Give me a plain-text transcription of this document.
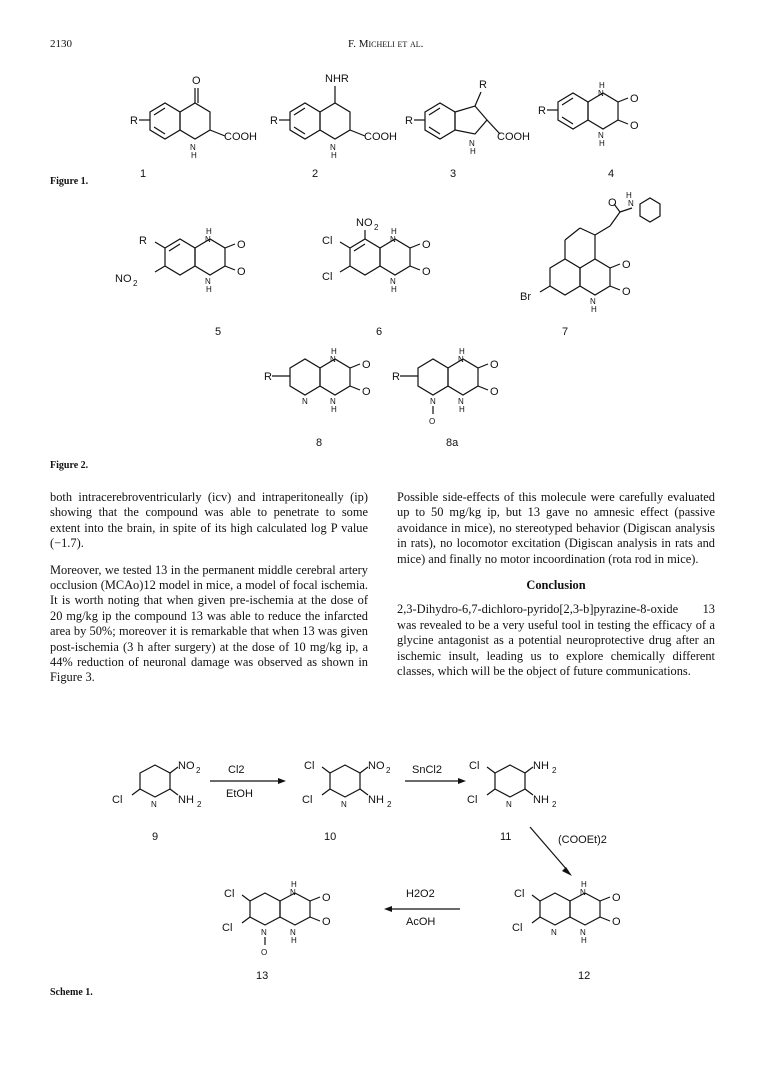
2130	F. Micheli et al.
O
R
N
H
COOH
NHR
R
N
H
COOH
R
R
N
H
COOH
O
O
H
N
N
H
R
1	2	3	4
Figure 1.
O
O
H
N
N
H
R
NO 2
5
O
O
NO 2 H
N
N
H
Cl
Cl
6
O
H
N
O
O
N
H
Br
7
O
O
H
N
N
H
N
R
8
O
O
H
N
N
H
N
O
R
8a
Figure 2.

both intracerebroventricularly (icv) and intraperitoneally (ip) showing that the compound was able to penetrate to some extent into the brain, in spite of its high calculated log P value (−1.7).

Moreover, we tested 13 in the permanent middle cerebral artery occlusion (MCAo)12 model in mice, a model of focal ischemia. It is worth noting that when given pre-ischemia at the dose of 20 mg/kg ip the compound 13 was able to reduce the infarcted area by 50%; moreover it is remarkable that when 13 was given post-ischemia (3 h after surgery) at the dose of 10 mg/kg ip, a 44% reduction of neuronal damage was observed as shown in Figure 3.

Possible side-effects of this molecule were carefully evaluated up to 50 mg/kg ip, but 13 gave no amnesic effect (passive avoidance in mice), no stereotyped behavior (Digiscan analysis in rats), no locomotor excitation (Digiscan analysis in rats and mice) and finally no motor incoordination (rota rod in mice).

Conclusion

2,3-Dihydro-6,7-dichloro-pyrido[2,3-b]pyrazine-8-oxide 13 was revealed to be a very useful tool in testing the efficacy of a glycine antagonist as a potential neuroprotective drug after an ischemic insult, leading us to explore chemically different classes, which will be the object of future communications.

NO 2
NH 2
Cl	N
9
Cl2
EtOH
NO 2
NH 2
Cl
Cl
N
10
SnCl2	NH 2
NH 2
Cl
Cl
N
11	(COOEt)2
O
O
Cl
Cl
N
H
N
N
H
12
H2O2
AcOH
O
O
Cl
Cl
N
O
H
N
N
H
13
Scheme 1.
